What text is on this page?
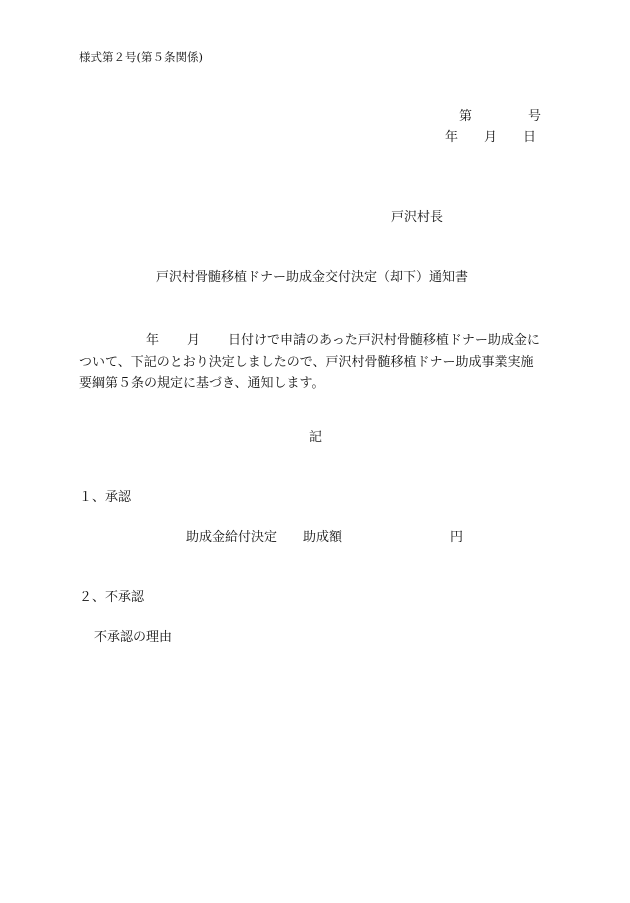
様式第２号(第５条関係)
第	号
年 月 日
戸沢村長
戸沢村骨髄移植ドナー助成金交付決定（却下）通知書
年 月 日付けで申請のあった戸沢村骨髄移植ドナー助成金に
ついて、下記のとおり決定しましたので、戸沢村骨髄移植ドナー助成事業実施
要綱第５条の規定に基づき、通知します。
記
１、承認
助成金給付決定 助成額	円
２、不承認
不承認の理由
